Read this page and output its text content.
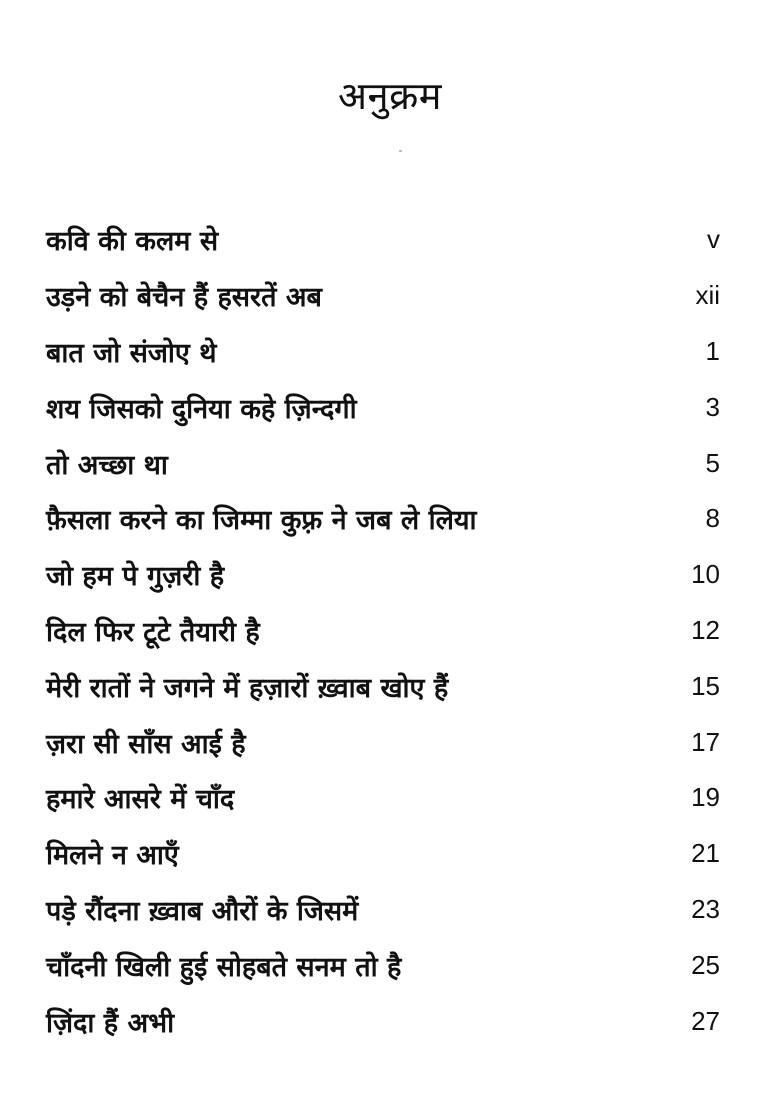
अनुक्रम
कवि की कलम से	v
उड़ने को बेचैन हैं हसरतें अब	xii
बात जो संजोए थे	1
शय जिसको दुनिया कहे ज़िन्दगी	3
तो अच्छा था	5
फ़ैसला करने का जिम्मा कुफ़्र ने जब ले लिया	8
जो हम पे गुज़री है	10
दिल फिर टूटे तैयारी है	12
मेरी रातों ने जगने में हज़ारों ख़्वाब खोए हैं	15
ज़रा सी साँस आई है	17
हमारे आसरे में चाँद	19
मिलने न आएँ	21
पड़े रौंदना ख़्वाब औरों के जिसमें	23
चाँदनी खिली हुई सोहबते सनम तो है	25
ज़िंदा हैं अभी	27
